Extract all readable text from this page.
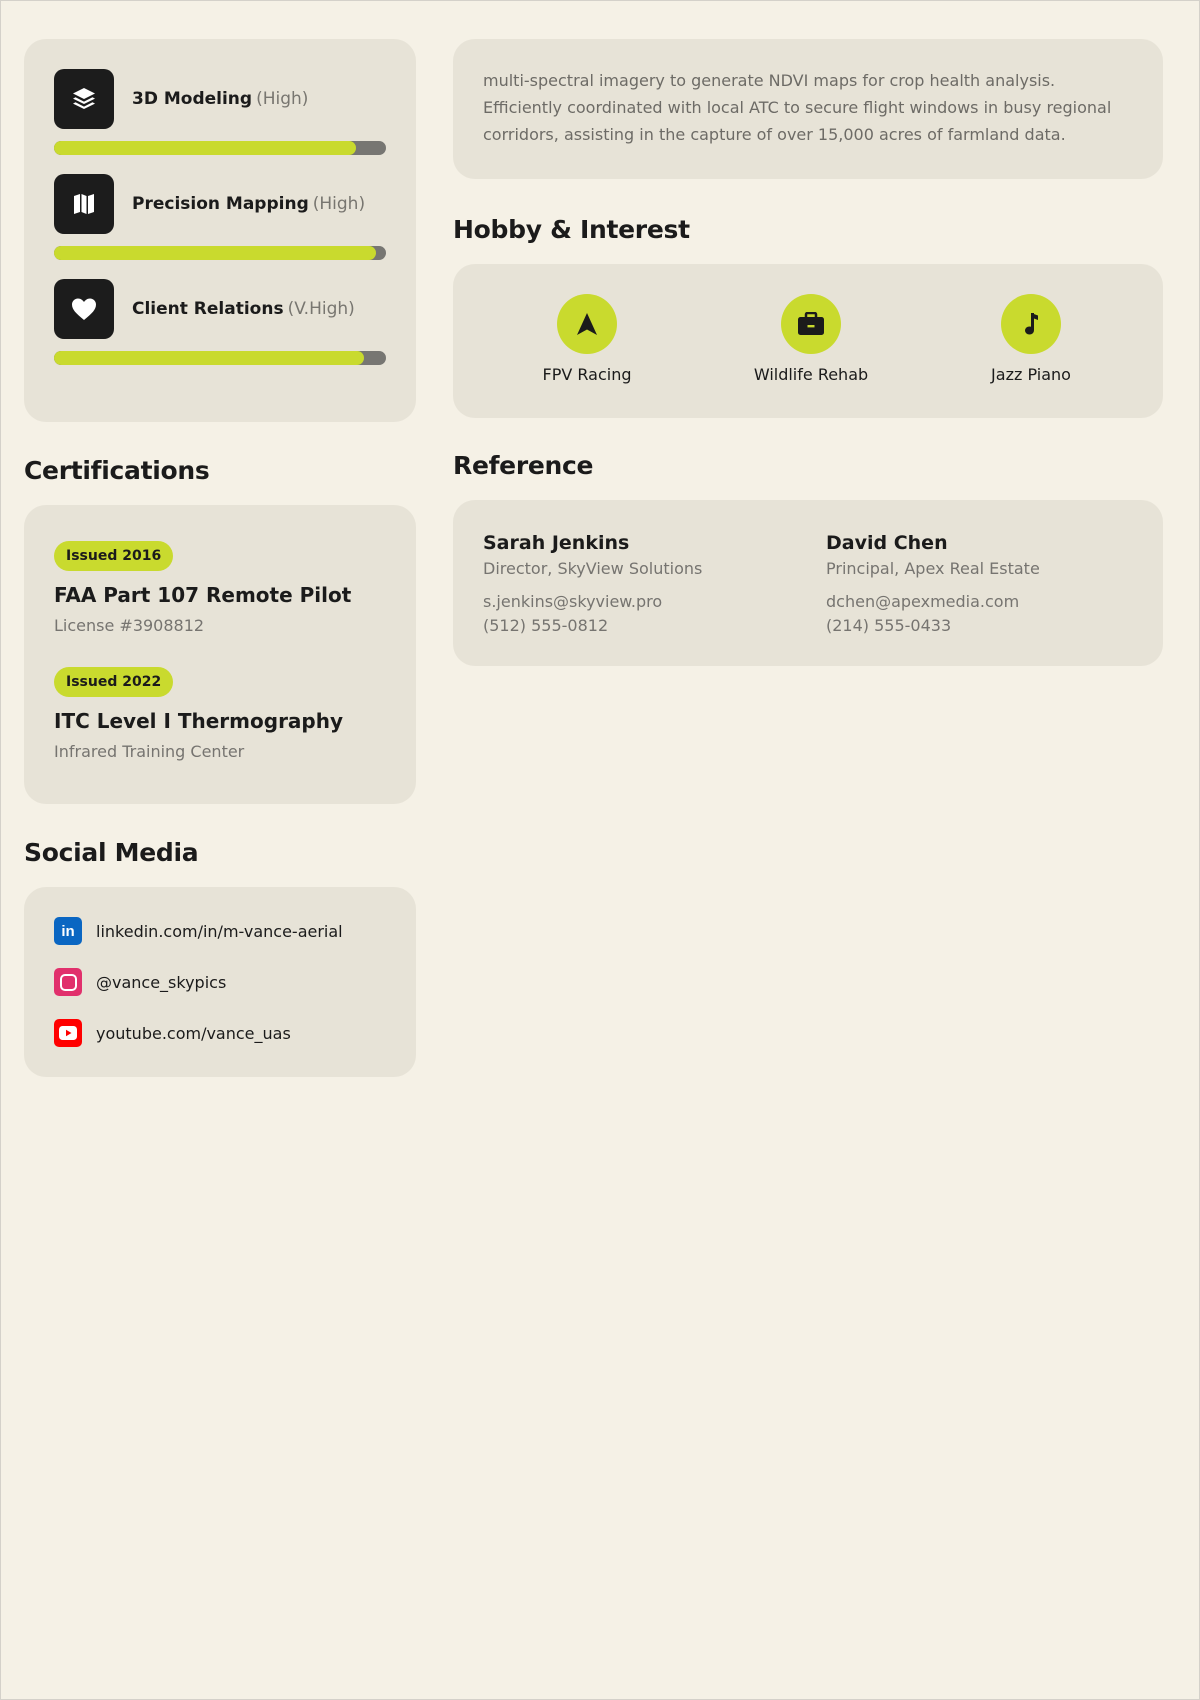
3D Modeling (High)
Precision Mapping (High)
Client Relations (V.High)
Certifications
Issued 2016
FAA Part 107 Remote Pilot
License #3908812
Issued 2022
ITC Level I Thermography
Infrared Training Center
Social Media
in linkedin.com/in/m-vance-aerial
@vance_skypics
youtube.com/vance_uas
multi-spectral imagery to generate NDVI maps for crop health analysis.
Efficiently coordinated with local ATC to secure flight windows in busy regional
corridors, assisting in the capture of over 15,000 acres of farmland data.
Hobby & Interest
FPV Racing	Wildlife Rehab	Jazz Piano
Reference
Sarah Jenkins
Director, SkyView Solutions
s.jenkins@skyview.pro
(512) 555-0812
David Chen
Principal, Apex Real Estate
dchen@apexmedia.com
(214) 555-0433
